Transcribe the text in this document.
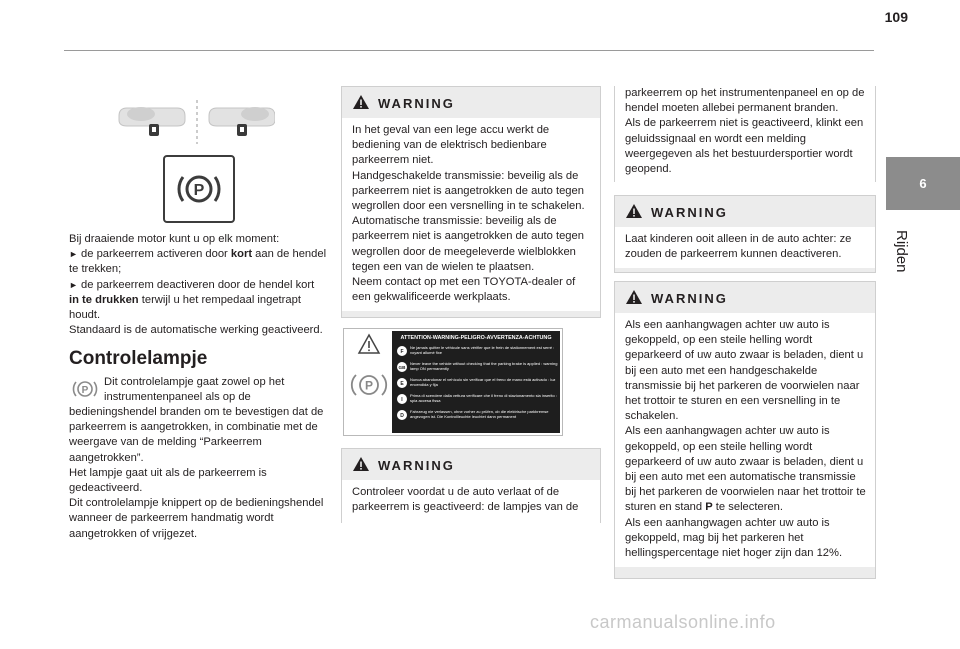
109
6
Rijden
P

Bij draaiende motor kunt u op elk moment:

► de parkeerrem activeren door kort aan de hendel te trekken;

► de parkeerrem deactiveren door de hendel kort in te drukken terwijl u het rempedaal ingetrapt houdt.

Standaard is de automatische werking geactiveerd.

Controlelampje
P
Dit controlelampje gaat zowel op het instrumentenpaneel als op de

bedieningshendel branden om te bevestigen dat de parkeerrem is aangetrokken, in combinatie met de weergave van de melding “Parkeerrem aangetrokken”.

Het lampje gaat uit als de parkeerrem is gedeactiveerd.

Dit controlelampje knippert op de bedieningshendel wanneer de parkeerrem handmatig wordt aangetrokken of vrijgezet.

WARNING

In het geval van een lege accu werkt de bediening van de elektrisch bedienbare parkeerrem niet.

Handgeschakelde transmissie: beveilig als de parkeerrem niet is aangetrokken de auto tegen wegrollen door een versnelling in te schakelen.

Automatische transmissie: beveilig als de parkeerrem niet is aangetrokken de auto tegen wegrollen door de meegeleverde wielblokken tegen een van de wielen te plaatsen.

Neem contact op met een TOYOTA-dealer of een gekwalificeerde werkplaats.

ATTENTION-WARNING-PELIGRO-AVVERTENZA-ACHTUNG
P
F
GB
E
I
D
Ne jamais quitter le véhicule sans vérifier que le frein de stationnement est serré : voyant allumé fixe
Never leave the vehicle without checking that the parking brake is applied : warning lamp ON permanently
Nunca abandonar el vehículo sin verificar que el freno de mano está activado : luz encendida y fija
Prima di scendere dalla vettura verificare che il freno di stazionamento sia inserito : spia accesa fissa
Fahrzeug nie verlassen, ohne vorher zu prüfen, ob die elektrische parkbremse angezogen ist. Die Kontrollleuchte leuchtet dann permanent
WARNING

Controleer voordat u de auto verlaat of de parkeerrem is geactiveerd: de lampjes van de

parkeerrem op het instrumentenpaneel en op de hendel moeten allebei permanent branden.

Als de parkeerrem niet is geactiveerd, klinkt een geluidssignaal en wordt een melding weergegeven als het bestuurdersportier wordt geopend.

WARNING

Laat kinderen ooit alleen in de auto achter: ze zouden de parkeerrem kunnen deactiveren.

WARNING

Als een aanhangwagen achter uw auto is gekoppeld, op een steile helling wordt geparkeerd of uw auto zwaar is beladen, dient u bij een auto met een handgeschakelde transmissie bij het parkeren de voorwielen naar het trottoir te sturen en een versnelling in te schakelen.

Als een aanhangwagen achter uw auto is gekoppeld, op een steile helling wordt geparkeerd of uw auto zwaar is beladen, dient u bij een auto met een automatische transmissie bij het parkeren de voorwielen naar het trottoir te sturen en stand P te selecteren.

Als een aanhangwagen achter uw auto is gekoppeld, mag bij het parkeren het hellingspercentage niet hoger zijn dan 12%.

carmanualsonline.info
